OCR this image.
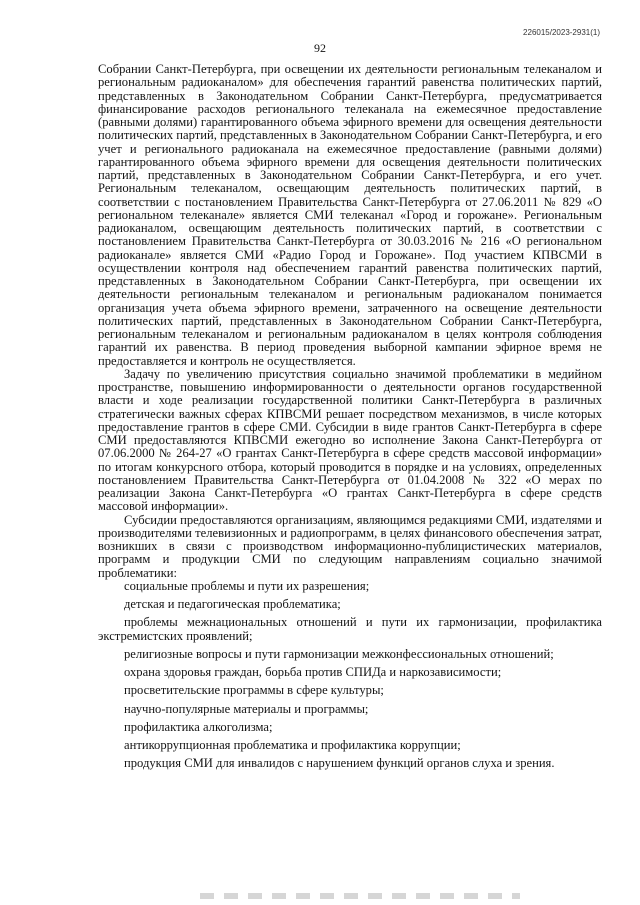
226015/2023-2931(1)
92

Собрании Санкт-Петербурга, при освещении их деятельности региональным телеканалом и региональным радиоканалом» для обеспечения гарантий равенства политических партий, представленных в Законодательном Собрании Санкт-Петербурга, предусматривается финансирование расходов регионального телеканала на ежемесячное предоставление (равными долями) гарантированного объема эфирного времени для освещения деятельности политических партий, представленных в Законодательном Собрании Санкт-Петербурга, и его учет и регионального радиоканала на ежемесячное предоставление (равными долями) гарантированного объема эфирного времени для освещения деятельности политических партий, представленных в Законодательном Собрании Санкт-Петербурга, и его учет. Региональным телеканалом, освещающим деятельность политических партий, в соответствии с постановлением Правительства Санкт-Петербурга от 27.06.2011 № 829 «О региональном телеканале» является СМИ телеканал «Город и горожане». Региональным радиоканалом, освещающим деятельность политических партий, в соответствии с постановлением Правительства Санкт-Петербурга от 30.03.2016 № 216 «О региональном радиоканале» является СМИ «Радио Город и Горожане». Под участием КПВСМИ в осуществлении контроля над обеспечением гарантий равенства политических партий, представленных в Законодательном Собрании Санкт-Петербурга, при освещении их деятельности региональным телеканалом и региональным радиоканалом понимается организация учета объема эфирного времени, затраченного на освещение деятельности политических партий, представленных в Законодательном Собрании Санкт-Петербурга, региональным телеканалом и региональным радиоканалом в целях контроля соблюдения гарантий их равенства. В период проведения выборной кампании эфирное время не предоставляется и контроль не осуществляется.

Задачу по увеличению присутствия социально значимой проблематики в медийном пространстве, повышению информированности о деятельности органов государственной власти и ходе реализации государственной политики Санкт-Петербурга в различных стратегически важных сферах КПВСМИ решает посредством механизмов, в числе которых предоставление грантов в сфере СМИ. Субсидии в виде грантов Санкт-Петербурга в сфере СМИ предоставляются КПВСМИ ежегодно во исполнение Закона Санкт-Петербурга от 07.06.2000 № 264-27 «О грантах Санкт-Петербурга в сфере средств массовой информации» по итогам конкурсного отбора, который проводится в порядке и на условиях, определенных постановлением Правительства Санкт-Петербурга от 01.04.2008 № 322 «О мерах по реализации Закона Санкт-Петербурга «О грантах Санкт-Петербурга в сфере средств массовой информации».

Субсидии предоставляются организациям, являющимся редакциями СМИ, издателями и производителями телевизионных и радиопрограмм, в целях финансового обеспечения затрат, возникших в связи с производством информационно-публицистических материалов, программ и продукции СМИ по следующим направлениям социально значимой проблематики:

социальные проблемы и пути их разрешения;
детская и педагогическая проблематика;
проблемы межнациональных отношений и пути их гармонизации, профилактика экстремистских проявлений;
религиозные вопросы и пути гармонизации межконфессиональных отношений;
охрана здоровья граждан, борьба против СПИДа и наркозависимости;
просветительские программы в сфере культуры;
научно-популярные материалы и программы;
профилактика алкоголизма;
антикоррупционная проблематика и профилактика коррупции;
продукция СМИ для инвалидов с нарушением функций органов слуха и зрения.
